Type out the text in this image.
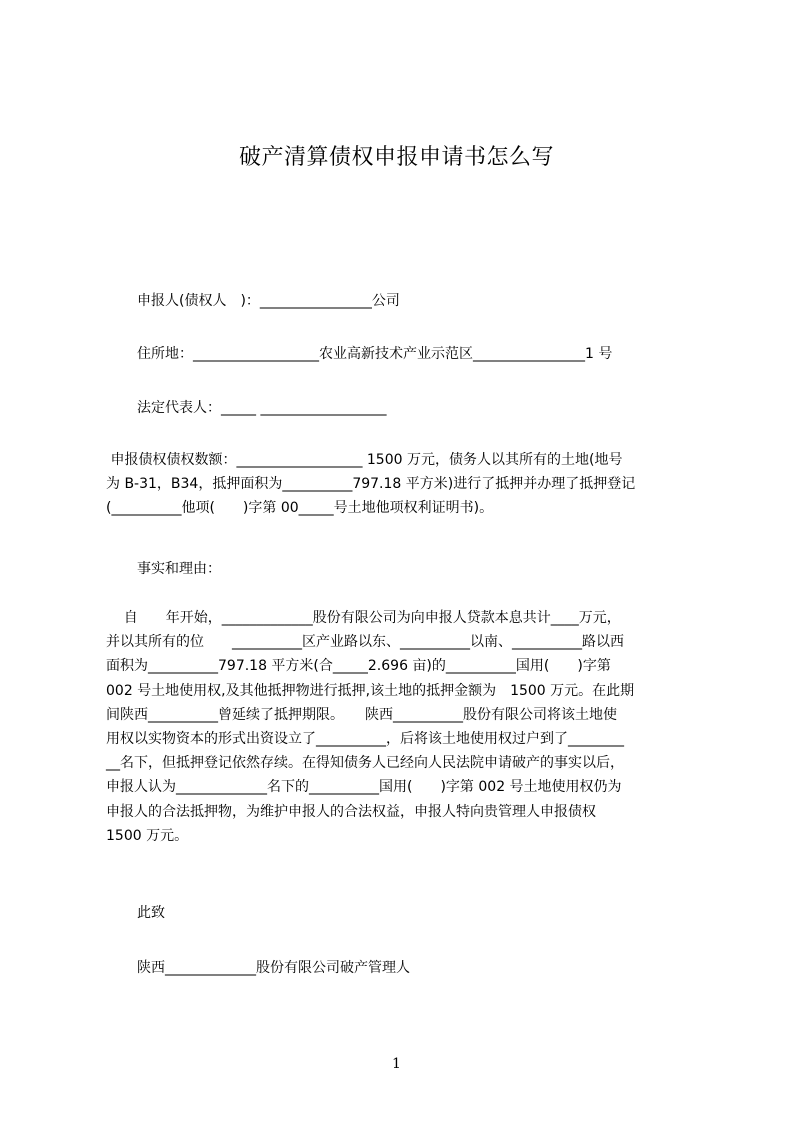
破产清算债权申报申请书怎么写
申报人(债权人　)：________________公司
住所地：__________________农业高新技术产业示范区________________1 号
法定代表人：_____ __________________
申报债权债权数额：__________________ 1500 万元，债务人以其所有的土地(地号
为 B-31，B34，抵押面积为__________797.18 平方米)进行了抵押并办理了抵押登记
(__________他项(　　)字第 00_____号土地他项权利证明书)。
事实和理由：
自　　年开始，_____________股份有限公司为向申报人贷款本息共计____万元，
并以其所有的位　　__________区产业路以东、__________以南、__________路以西
面积为__________797.18 平方米(合_____2.696 亩)的__________国用(　　)字第
002 号土地使用权,及其他抵押物进行抵押,该土地的抵押金额为　1500 万元。在此期
间陕西__________曾延续了抵押期限。　　陕西__________股份有限公司将该土地使
用权以实物资本的形式出资设立了__________，后将该土地使用权过户到了________
__名下，但抵押登记依然存续。在得知债务人已经向人民法院申请破产的事实以后，
申报人认为_____________名下的__________国用(　　)字第 002 号土地使用权仍为
申报人的合法抵押物，为维护申报人的合法权益，申报人特向贵管理人申报债权
1500 万元。
此致
陕西_____________股份有限公司破产管理人
1
